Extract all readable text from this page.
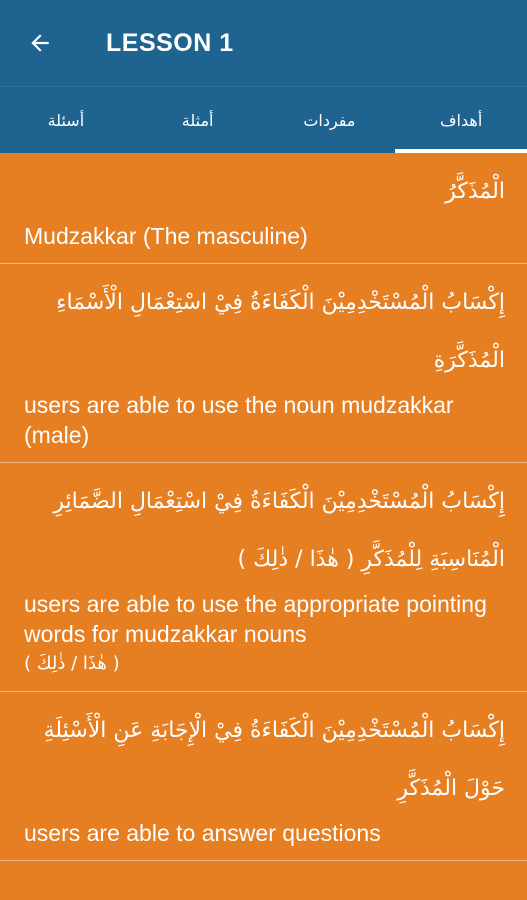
LESSON 1
أسئلة	أمثلة	مفردات	أهداف
الْمُذَكَّرُ
Mudzakkar (The masculine)
إِكْسَابُ الْمُسْتَخْدِمِيْنَ الْكَفَاءَةُ فِيْ اسْتِعْمَالِ الْأَسْمَاءِ الْمُذَكَّرَةِ
users are able to use the noun mudzakkar (male)
إِكْسَابُ الْمُسْتَخْدِمِيْنَ الْكَفَاءَةُ فِيْ اسْتِعْمَالِ الضَّمَائِرِ الْمُنَاسِبَةِ لِلْمُذَكَّرِ ( هٰذَا / ذٰلِكَ )
users are able to use the appropriate pointing words for mudzakkar nouns
( هٰذَا / ذٰلِكَ )
إِكْسَابُ الْمُسْتَخْدِمِيْنَ الْكَفَاءَةُ فِيْ الْإِجَابَةِ عَنِ الْأَسْئِلَةِ حَوْلَ الْمُذَكَّرِ
users are able to answer questions
